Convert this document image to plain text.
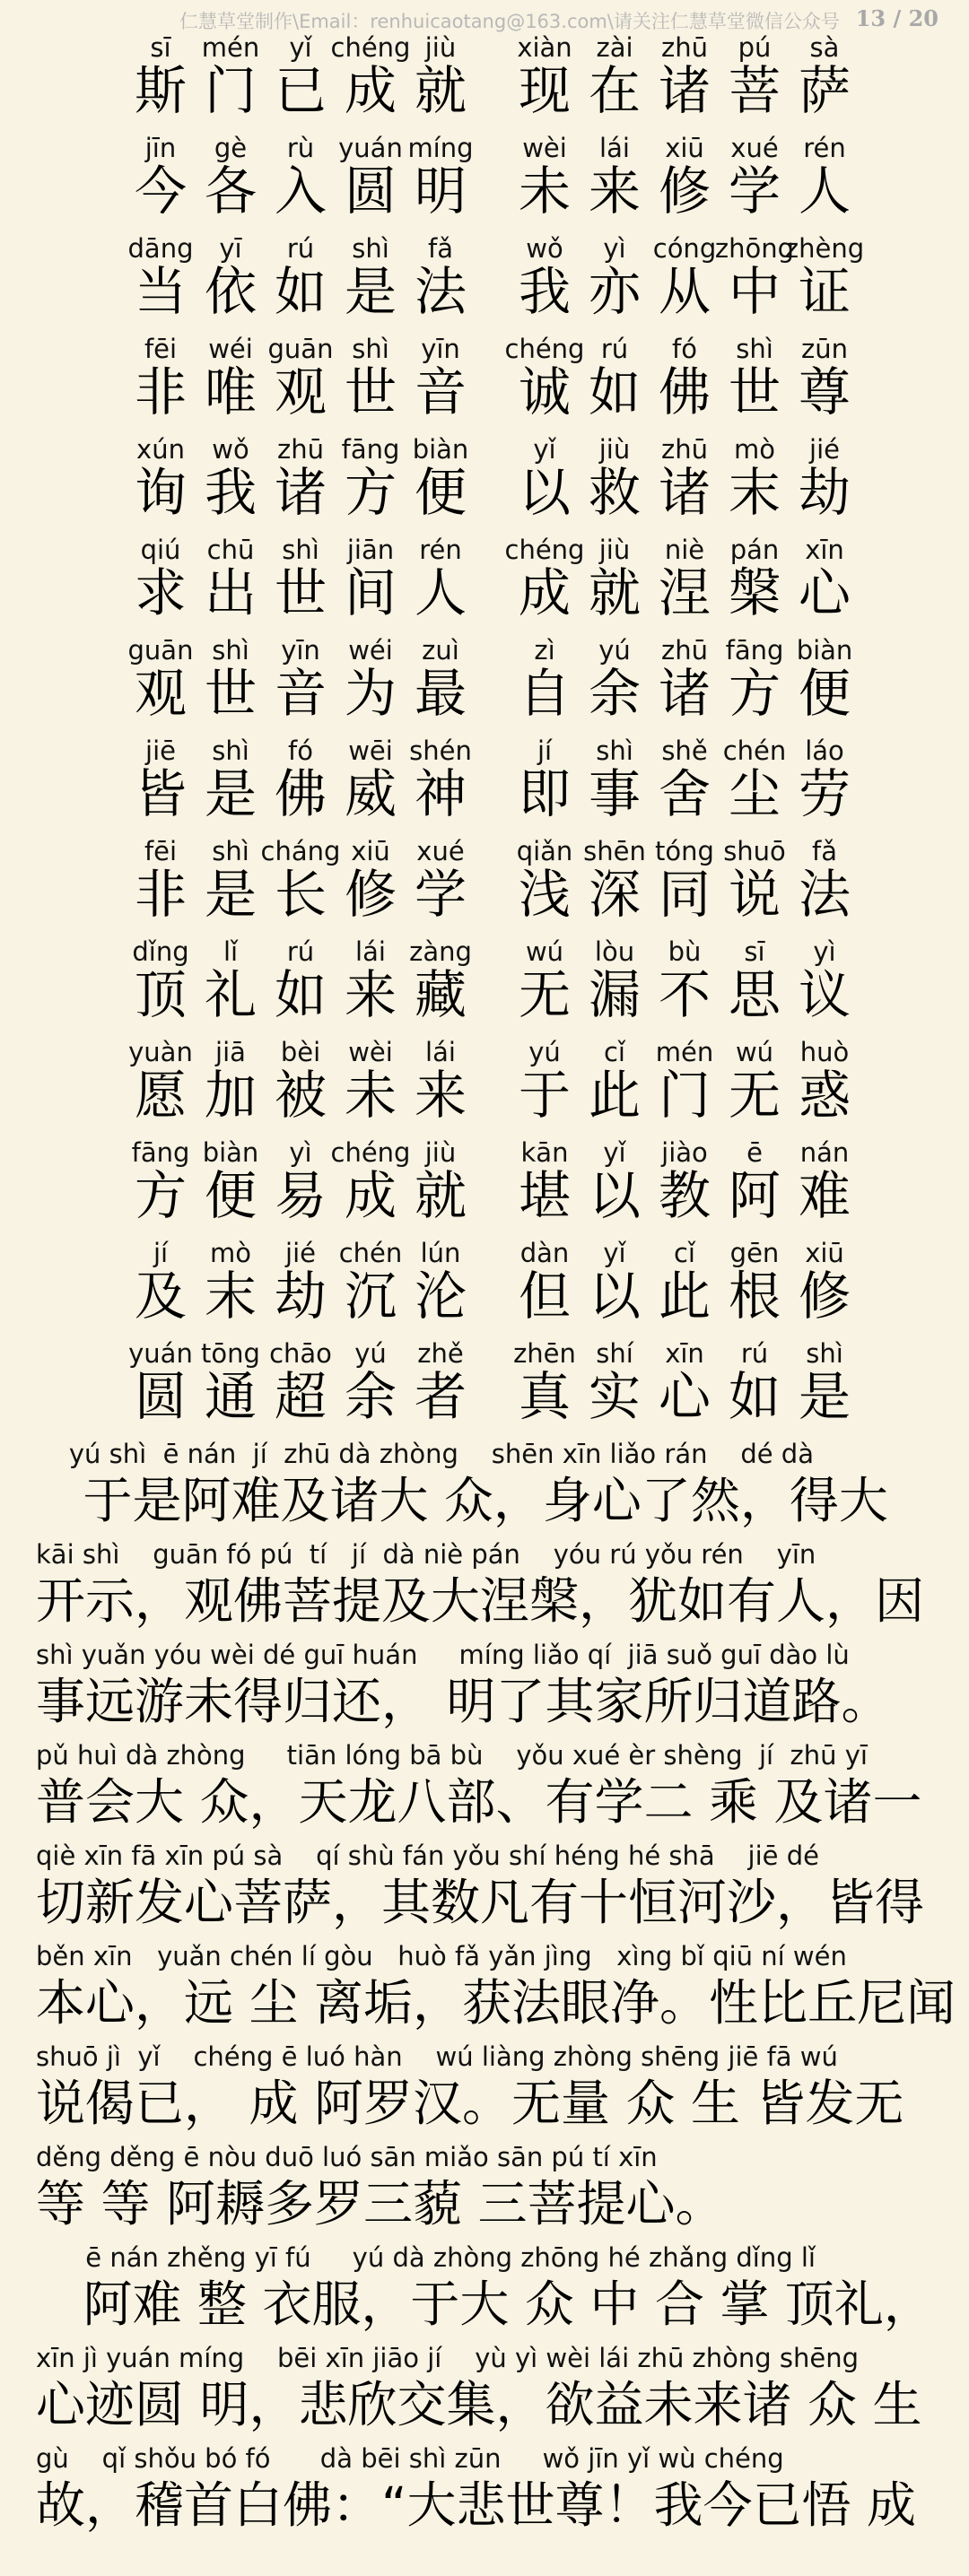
仁慧草堂制作\Email：renhuicaotang@163.com\请关注仁慧草堂微信公众号 13 / 20
sī
斯
mén
门
yǐ
已
chéng
成
jiù
就
xiàn
现
zài
在
zhū
诸
pú
菩
sà
萨
jīn
今
gè
各
rù
入
yuán
圆
míng
明
wèi
未
lái
来
xiū
修
xué
学
rén
人
dāng
当
yī
依
rú
如
shì
是
fǎ
法
wǒ
我
yì
亦
cóng
从
zhōng
中
zhèng
证
fēi
非
wéi
唯
guān
观
shì
世
yīn
音
chéng
诚
rú
如
fó
佛
shì
世
zūn
尊
xún
询
wǒ
我
zhū
诸
fāng
方
biàn
便
yǐ
以
jiù
救
zhū
诸
mò
末
jié
劫
qiú
求
chū
出
shì
世
jiān
间
rén
人
chéng
成
jiù
就
niè
涅
pán
槃
xīn
心
guān
观
shì
世
yīn
音
wéi
为
zuì
最
zì
自
yú
余
zhū
诸
fāng
方
biàn
便
jiē
皆
shì
是
fó
佛
wēi
威
shén
神
jí
即
shì
事
shě
舍
chén
尘
láo
劳
fēi
非
shì
是
cháng
长
xiū
修
xué
学
qiǎn
浅
shēn
深
tóng
同
shuō
说
fǎ
法
dǐng
顶
lǐ
礼
rú
如
lái
来
zàng
藏
wú
无
lòu
漏
bù
不
sī
思
yì
议
yuàn
愿
jiā
加
bèi
被
wèi
未
lái
来
yú
于
cǐ
此
mén
门
wú
无
huò
惑
fāng
方
biàn
便
yì
易
chéng
成
jiù
就
kān
堪
yǐ
以
jiào
教
ē
阿
nán
难
jí
及
mò
末
jié
劫
chén
沉
lún
沦
dàn
但
yǐ
以
cǐ
此
gēn
根
xiū
修
yuán
圆
tōng
通
chāo
超
yú
余
zhě
者
zhēn
真
shí
实
xīn
心
rú
如
shì
是
yú shì  ē nán  jí  zhū dà zhòng    shēn xīn liǎo rán    dé dà
于是阿难及诸大 众，身心了然，得大
kāi shì    guān fó pú  tí   jí  dà niè pán    yóu rú yǒu rén    yīn
开示，观佛菩提及大涅槃，犹如有人，因
shì yuǎn yóu wèi dé guī huán     míng liǎo qí  jiā suǒ guī dào lù
事远游未得归还， 明了其家所归道路。
pǔ huì dà zhòng     tiān lóng bā bù    yǒu xué èr shèng  jí  zhū yī
普会大 众，天龙八部、有学二 乘 及诸一
qiè xīn fā xīn pú sà    qí shù fán yǒu shí héng hé shā    jiē dé
切新发心菩萨，其数凡有十恒河沙，皆得
běn xīn   yuǎn chén lí gòu   huò fǎ yǎn jìng   xìng bǐ qiū ní wén
本心，远 尘 离垢，获法眼净。性比丘尼闻
shuō jì  yǐ    chéng ē luó hàn    wú liàng zhòng shēng jiē fā wú
说偈已， 成 阿罗汉。无量 众 生 皆发无
děng děng ē nòu duō luó sān miǎo sān pú tí xīn
等 等 阿耨多罗三藐 三菩提心。
ē nán zhěng yī fú     yú dà zhòng zhōng hé zhǎng dǐng lǐ
阿难 整 衣服，于大 众 中 合 掌 顶礼，
xīn jì yuán míng    bēi xīn jiāo jí    yù yì wèi lái zhū zhòng shēng
心迹圆 明，悲欣交集，欲益未来诸 众 生
gù    qǐ shǒu bó fó      dà bēi shì zūn     wǒ jīn yǐ wù chéng
故，稽首白佛：“大悲世尊！我今已悟 成
